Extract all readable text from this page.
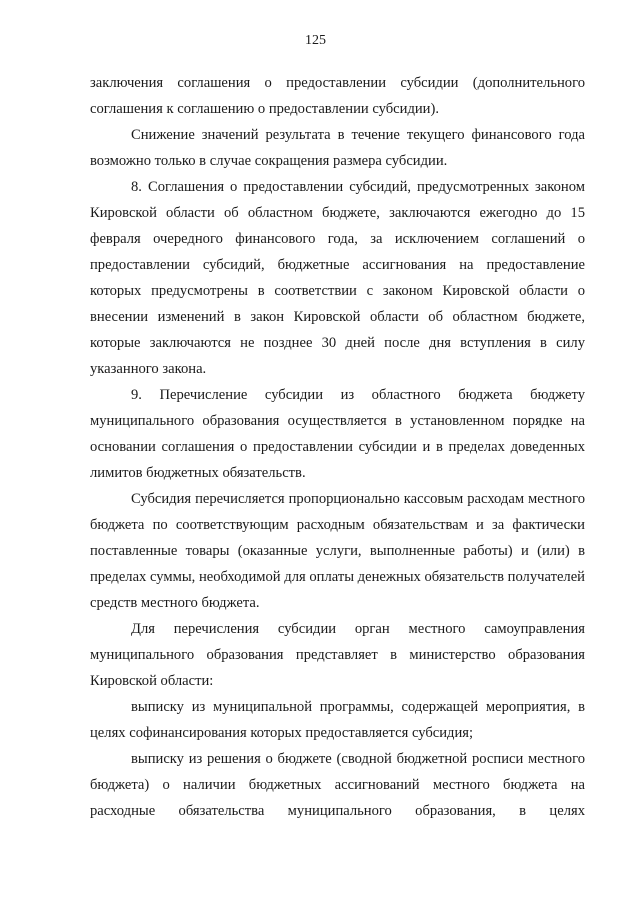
125

заключения соглашения о предоставлении субсидии (дополнительного соглашения к соглашению о предоставлении субсидии).

Снижение значений результата в течение текущего финансового года возможно только в случае сокращения размера субсидии.

8. Соглашения о предоставлении субсидий, предусмотренных законом Кировской области об областном бюджете, заключаются ежегодно до 15 февраля очередного финансового года, за исключением соглашений о предоставлении субсидий, бюджетные ассигнования на предоставление которых предусмотрены в соответствии с законом Кировской области о внесении изменений в закон Кировской области об областном бюджете, которые заключаются не позднее 30 дней после дня вступления в силу указанного закона.

9. Перечисление субсидии из областного бюджета бюджету муниципального образования осуществляется в установленном порядке на основании соглашения о предоставлении субсидии и в пределах доведенных лимитов бюджетных обязательств.

Субсидия перечисляется пропорционально кассовым расходам местного бюджета по соответствующим расходным обязательствам и за фактически поставленные товары (оказанные услуги, выполненные работы) и (или) в пределах суммы, необходимой для оплаты денежных обязательств получателей средств местного бюджета.

Для перечисления субсидии орган местного самоуправления муниципального образования представляет в министерство образования Кировской области:

выписку из муниципальной программы, содержащей мероприятия, в целях софинансирования которых предоставляется субсидия;

выписку из решения о бюджете (сводной бюджетной росписи местного бюджета) о наличии бюджетных ассигнований местного бюджета на расходные обязательства муниципального образования, в целях
